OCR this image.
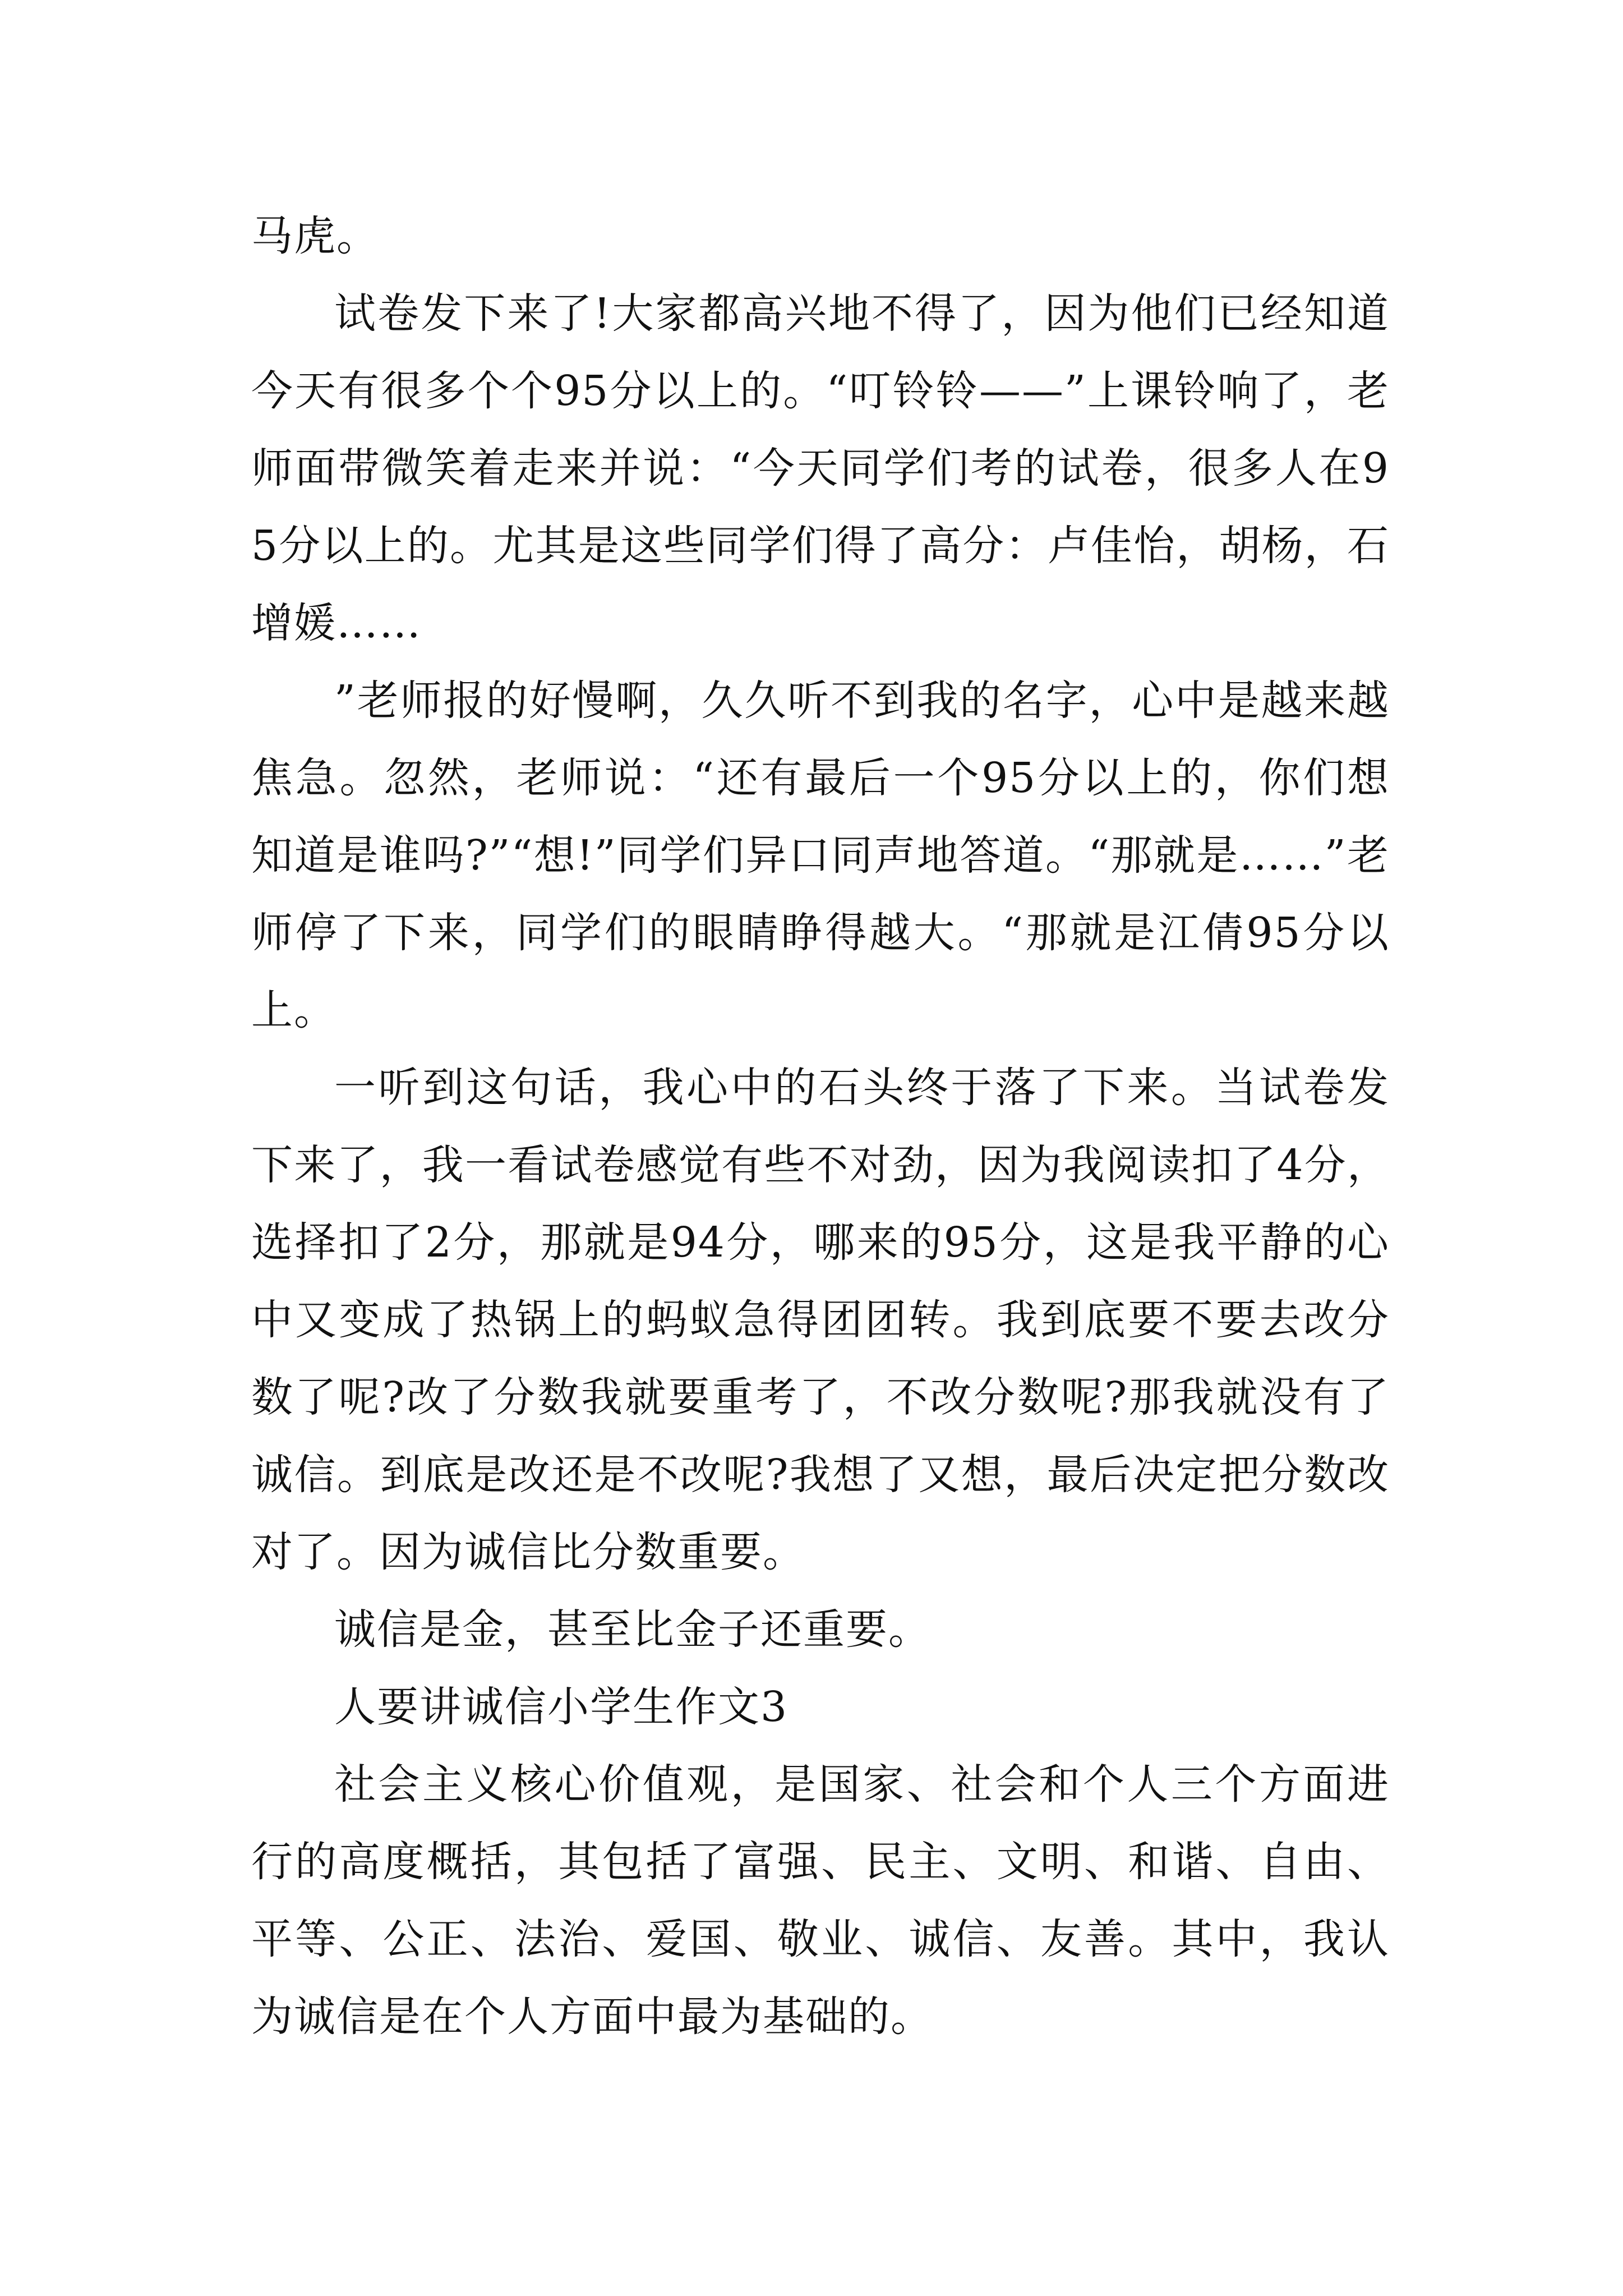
马虎。

试卷发下来了!大家都高兴地不得了，因为他们已经知道今天有很多个个95分以上的。“叮铃铃——”上课铃响了，老师面带微笑着走来并说：“今天同学们考的试卷，很多人在95分以上的。尤其是这些同学们得了高分：卢佳怡，胡杨，石增媛……

”老师报的好慢啊，久久听不到我的名字，心中是越来越焦急。忽然，老师说：“还有最后一个95分以上的，你们想知道是谁吗?”“想!”同学们异口同声地答道。“那就是……”老师停了下来，同学们的眼睛睁得越大。“那就是江倩95分以上。

一听到这句话，我心中的石头终于落了下来。当试卷发下来了，我一看试卷感觉有些不对劲，因为我阅读扣了4分，选择扣了2分，那就是94分，哪来的95分，这是我平静的心中又变成了热锅上的蚂蚁急得团团转。我到底要不要去改分数了呢?改了分数我就要重考了，不改分数呢?那我就没有了诚信。到底是改还是不改呢?我想了又想，最后决定把分数改对了。因为诚信比分数重要。

诚信是金，甚至比金子还重要。

人要讲诚信小学生作文3

社会主义核心价值观，是国家、社会和个人三个方面进行的高度概括，其包括了富强、民主、文明、和谐、自由、平等、公正、法治、爱国、敬业、诚信、友善。其中，我认为诚信是在个人方面中最为基础的。
